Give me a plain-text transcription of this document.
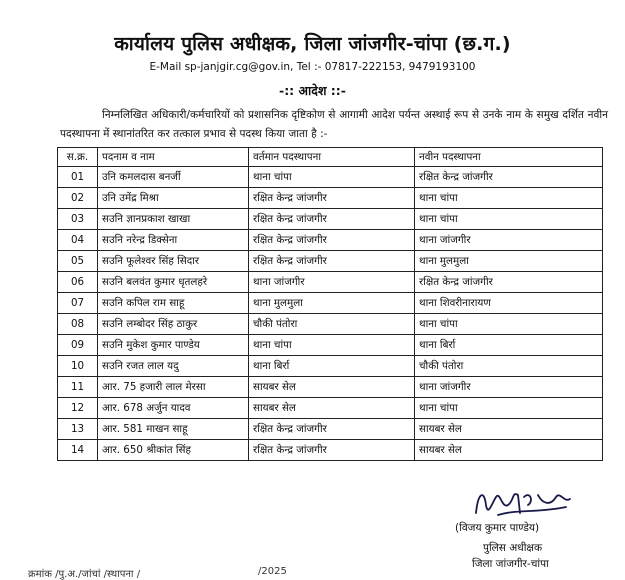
कार्यालय पुलिस अधीक्षक, जिला जांजगीर-चांपा (छ.ग.)
E-Mail sp-janjgir.cg@gov.in, Tel :- 07817-222153, 9479193100
-:: आदेश ::-
निम्नलिखित अधिकारी/कर्मचारियों को प्रशासनिक दृष्टिकोण से आगामी आदेश पर्यन्त अस्थाई रूप से उनके नाम के समुख दर्शित नवीन पदस्थापना में स्थानांतरित कर तत्काल प्रभाव से पदस्थ किया जाता है :-
स.क्र.	पदनाम व नाम	वर्तमान पदस्थापना	नवीन पदस्थापना
01	उनि कमलदास बनर्जी	थाना चांपा	रक्षित केन्द्र जांजगीर
02	उनि उमेंद्र मिश्रा	रक्षित केन्द्र जांजगीर	थाना चांपा
03	सउनि ज्ञानप्रकाश खाखा	रक्षित केन्द्र जांजगीर	थाना चांपा
04	सउनि नरेन्द्र डिक्सेना	रक्षित केन्द्र जांजगीर	थाना जांजगीर
05	सउनि फूलेश्वर सिंह सिदार	रक्षित केन्द्र जांजगीर	थाना मुलमुला
06	सउनि बलवंत कुमार धृतलहरे	थाना जांजगीर	रक्षित केन्द्र जांजगीर
07	सउनि कपिल राम साहू	थाना मुलमुला	थाना शिवरीनारायण
08	सउनि लम्बोदर सिंह ठाकुर	चौकी पंतोरा	थाना चांपा
09	सउनि मुकेश कुमार पाण्डेय	थाना चांपा	थाना बिर्रा
10	सउनि रजत लाल यदु	थाना बिर्रा	चौकी पंतोरा
11	आर. 75 हजारी लाल मेरसा	सायबर सेल	थाना जांजगीर
12	आर. 678 अर्जुन यादव	सायबर सेल	थाना चांपा
13	आर. 581 माखन साहू	रक्षित केन्द्र जांजगीर	सायबर सेल
14	आर. 650 श्रीकांत सिंह	रक्षित केन्द्र जांजगीर	सायबर सेल
(विजय कुमार पाण्डेय)
पुलिस अधीक्षक
जिला जांजगीर-चांपा
क्रमांक /पु.अ./जांचां /स्थापना /	/2025
